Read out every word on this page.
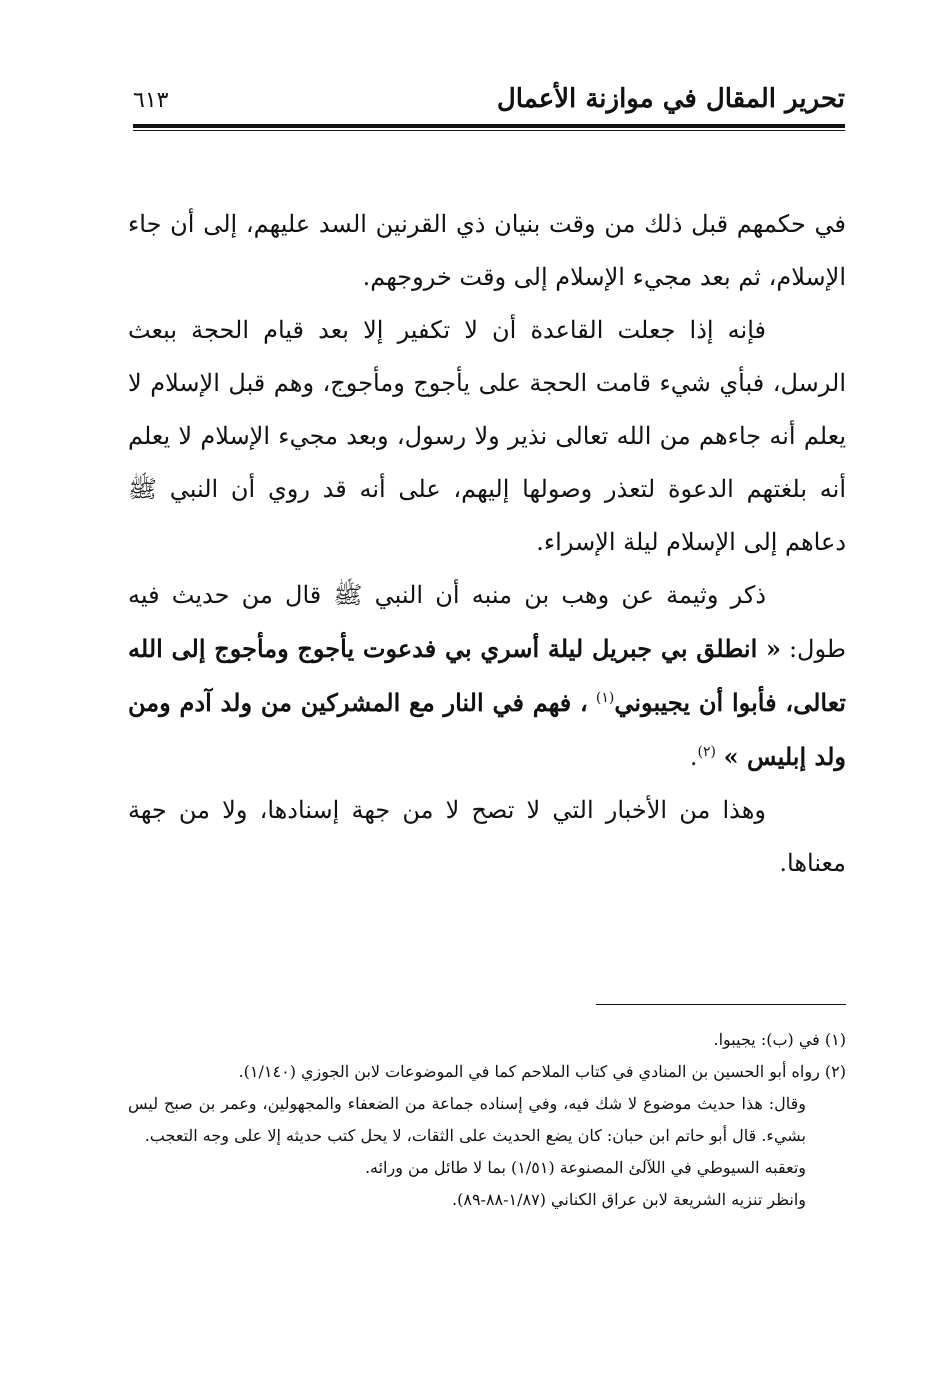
تحرير المقال في موازنة الأعمال
٦١٣

في حكمهم قبل ذلك من وقت بنيان ذي القرنين السد عليهم، إلى أن جاء الإسلام، ثم بعد مجيء الإسلام إلى وقت خروجهم.

فإنه إذا جعلت القاعدة أن لا تكفير إلا بعد قيام الحجة ببعث الرسل، فبأي شيء قامت الحجة على يأجوج ومأجوج، وهم قبل الإسلام لا يعلم أنه جاءهم من الله تعالى نذير ولا رسول، وبعد مجيء الإسلام لا يعلم أنه بلغتهم الدعوة لتعذر وصولها إليهم، على أنه قد روي أن النبي ﷺ دعاهم إلى الإسلام ليلة الإسراء.

ذكر وثيمة عن وهب بن منبه أن النبي ﷺ قال من حديث فيه طول: « انطلق بي جبريل ليلة أسري بي فدعوت يأجوج ومأجوج إلى الله تعالى، فأبوا أن يجيبوني$^{(١)}$ ، فهم في النار مع المشركين من ولد آدم ومن ولد إبليس » $^{(٢)}$.

وهذا من الأخبار التي لا تصح لا من جهة إسنادها، ولا من جهة معناها.

(١) في (ب): يجيبوا.

(٢) رواه أبو الحسين بن المنادي في كتاب الملاحم كما في الموضوعات لابن الجوزي (١/١٤٠).

وقال: هذا حديث موضوع لا شك فيه، وفي إسناده جماعة من الضعفاء والمجهولين، وعمر بن صبح ليس بشيء. قال أبو حاتم ابن حبان: كان يضع الحديث على الثقات، لا يحل كتب حديثه إلا على وجه التعجب.

وتعقبه السيوطي في اللآلئ المصنوعة (١/٥١) بما لا طائل من ورائه.

وانظر تنزيه الشريعة لابن عراق الكناني (١/٨٧-٨٨-٨٩).
